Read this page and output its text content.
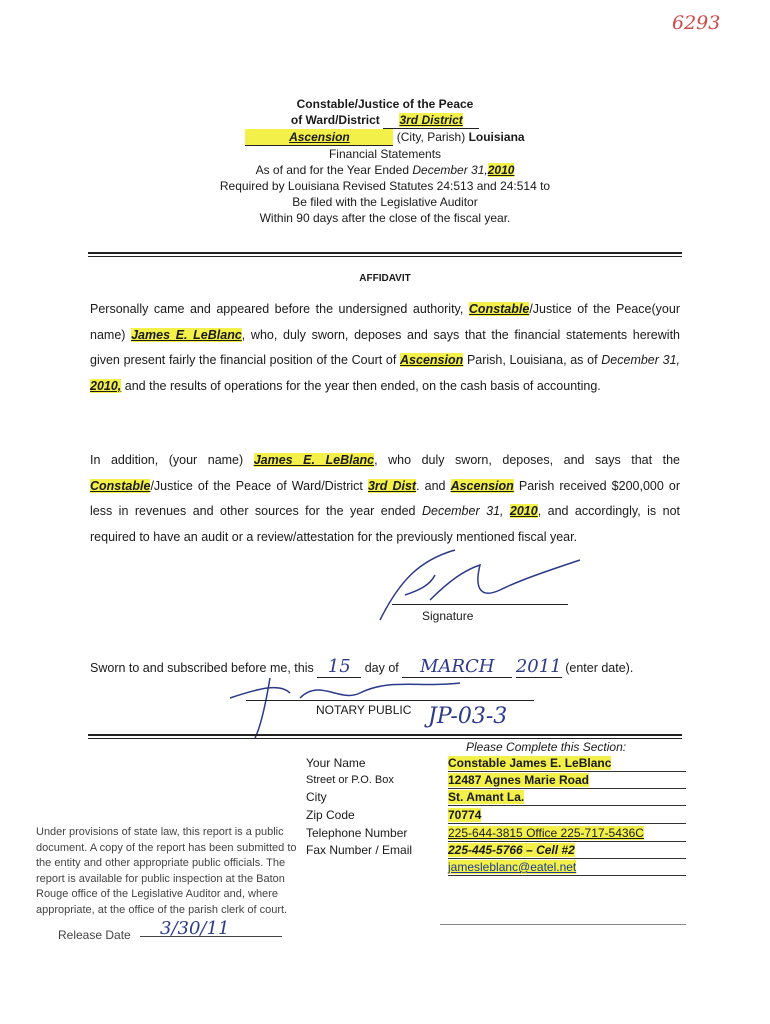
6293
Constable/Justice of the Peace
of Ward/District 3rd District
Ascension	(City, Parish) Louisiana
Financial Statements
As of and for the Year Ended December 31,2010
Required by Louisiana Revised Statutes 24:513 and 24:514 to
Be filed with the Legislative Auditor
Within 90 days after the close of the fiscal year.
AFFIDAVIT
Personally came and appeared before the undersigned authority, Constable/Justice of the Peace(your name) James E. LeBlanc, who, duly sworn, deposes and says that the financial statements herewith given present fairly the financial position of the Court of Ascension Parish, Louisiana, as of December 31, 2010, and the results of operations for the year then ended, on the cash basis of accounting.
In addition, (your name) James E. LeBlanc, who duly sworn, deposes, and says that the Constable/Justice of the Peace of Ward/District 3rd Dist. and Ascension Parish received $200,000 or less in revenues and other sources for the year ended December 31, 2010, and accordingly, is not required to have an audit or a review/attestation for the previously mentioned fiscal year.
Signature
Sworn to and subscribed before me, this 15 day of MARCH 2011 (enter date).
NOTARY PUBLIC JP-03-3
Please Complete this Section:
Your Name
Street or P.O. Box
City
Zip Code
Telephone Number
Fax Number / Email
Constable James E. LeBlanc
12487 Agnes Marie Road
St. Amant La.
70774
225-644-3815 Office 225-717-5436C
225-445-5766 – Cell #2
jamesleblanc@eatel.net
Under provisions of state law, this report is a public document. A copy of the report has been submitted to the entity and other appropriate public officials. The report is available for public inspection at the Baton Rouge office of the Legislative Auditor and, where appropriate, at the office of the parish clerk of court.
Release Date	3/30/11
